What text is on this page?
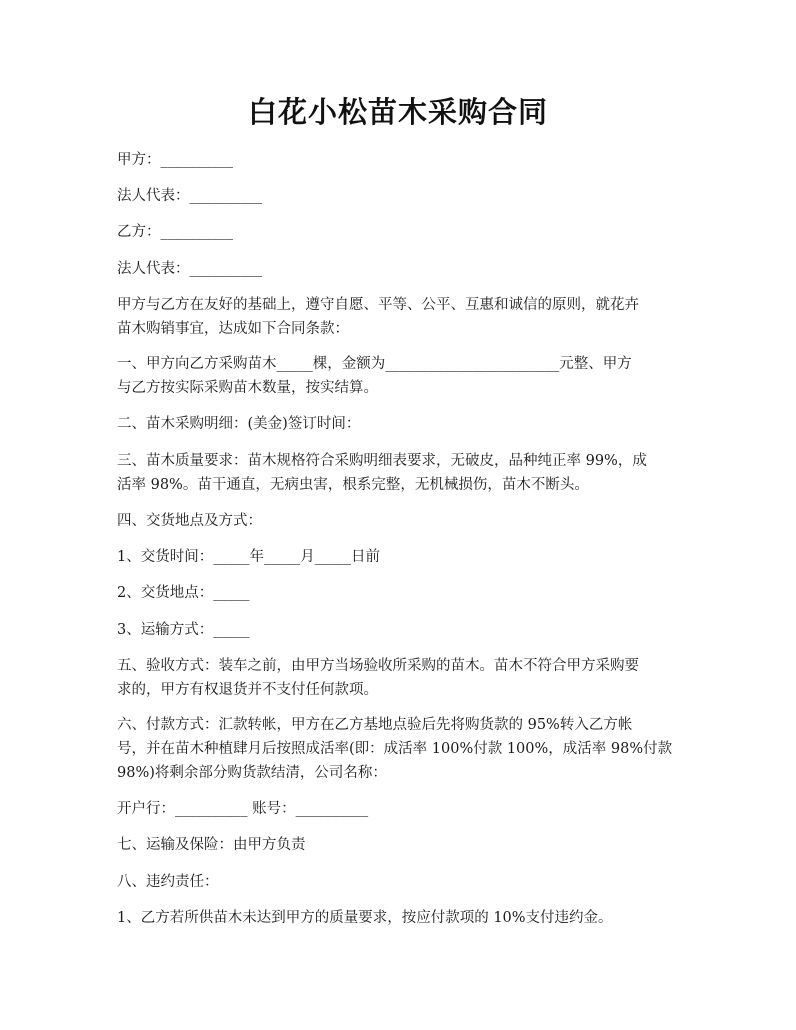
白花小松苗木采购合同
甲方：__________
法人代表：__________
乙方：__________
法人代表：__________
甲方与乙方在友好的基础上，遵守自愿、平等、公平、互惠和诚信的原则，就花卉
苗木购销事宜，达成如下合同条款：
一、甲方向乙方采购苗木_____棵，金额为________________________元整、甲方
与乙方按实际采购苗木数量，按实结算。
二、苗木采购明细：(美金)签订时间：
三、苗木质量要求：苗木规格符合采购明细表要求，无破皮，品种纯正率 99%，成
活率 98%。苗干通直，无病虫害，根系完整，无机械损伤，苗木不断头。
四、交货地点及方式：
1、交货时间：_____年_____月_____日前
2、交货地点：_____
3、运输方式：_____
五、验收方式：装车之前，由甲方当场验收所采购的苗木。苗木不符合甲方采购要
求的，甲方有权退货并不支付任何款项。
六、付款方式：汇款转帐，甲方在乙方基地点验后先将购货款的 95%转入乙方帐
号，并在苗木种植肆月后按照成活率(即：成活率 100%付款 100%，成活率 98%付款
98%)将剩余部分购货款结清，公司名称：
开户行：__________ 账号：__________
七、运输及保险：由甲方负责
八、违约责任：
1、乙方若所供苗木未达到甲方的质量要求，按应付款项的 10%支付违约金。
